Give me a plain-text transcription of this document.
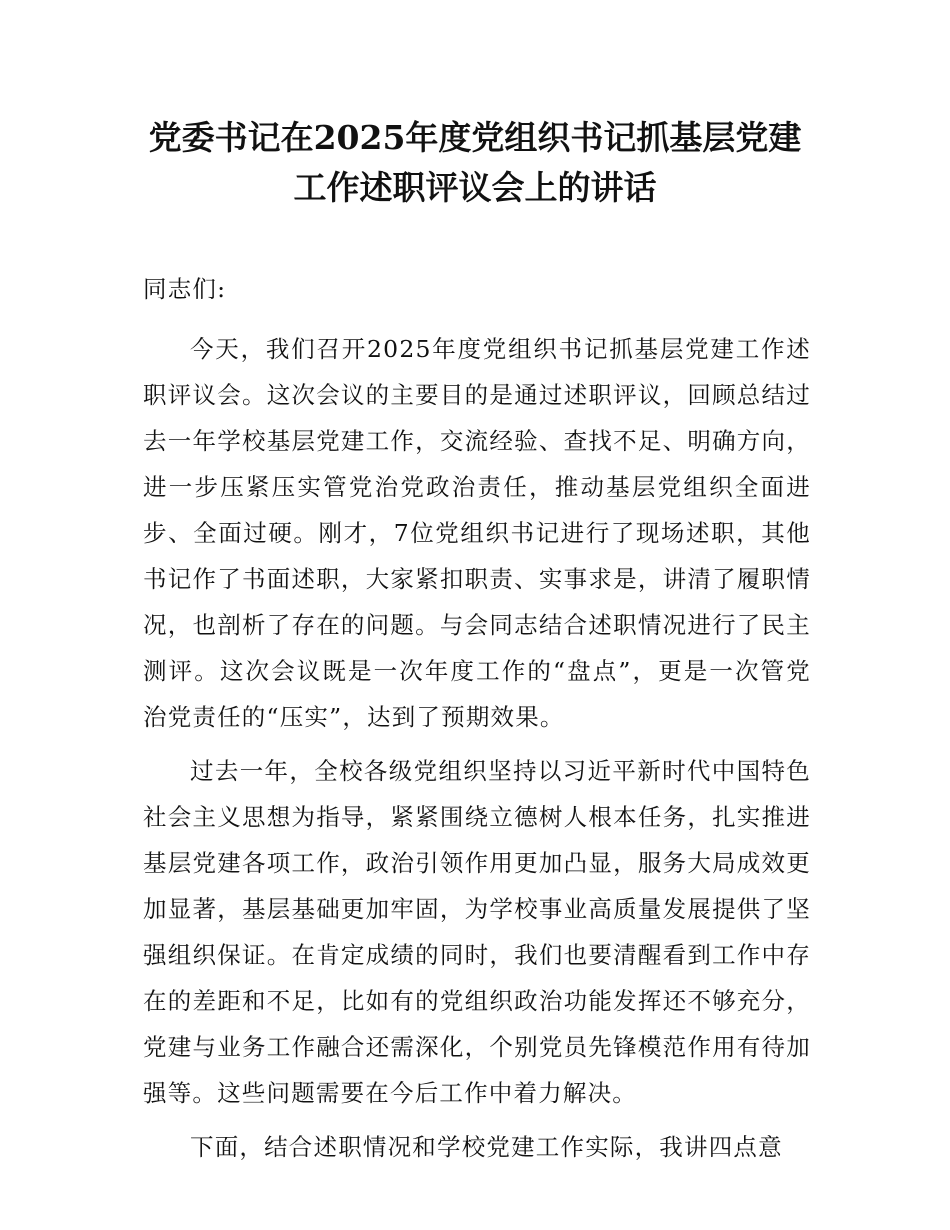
党委书记在2025年度党组织书记抓基层党建
工作述职评议会上的讲话

同志们:

今天，我们召开2025年度党组织书记抓基层党建工作述职评议会。这次会议的主要目的是通过述职评议，回顾总结过去一年学校基层党建工作，交流经验、查找不足、明确方向，进一步压紧压实管党治党政治责任，推动基层党组织全面进步、全面过硬。刚才，7位党组织书记进行了现场述职，其他书记作了书面述职，大家紧扣职责、实事求是，讲清了履职情况，也剖析了存在的问题。与会同志结合述职情况进行了民主测评。这次会议既是一次年度工作的“盘点”，更是一次管党治党责任的“压实”，达到了预期效果。

过去一年，全校各级党组织坚持以习近平新时代中国特色社会主义思想为指导，紧紧围绕立德树人根本任务，扎实推进基层党建各项工作，政治引领作用更加凸显，服务大局成效更加显著，基层基础更加牢固，为学校事业高质量发展提供了坚强组织保证。在肯定成绩的同时，我们也要清醒看到工作中存在的差距和不足，比如有的党组织政治功能发挥还不够充分，党建与业务工作融合还需深化，个别党员先锋模范作用有待加强等。这些问题需要在今后工作中着力解决。

下面，结合述职情况和学校党建工作实际，我讲四点意
